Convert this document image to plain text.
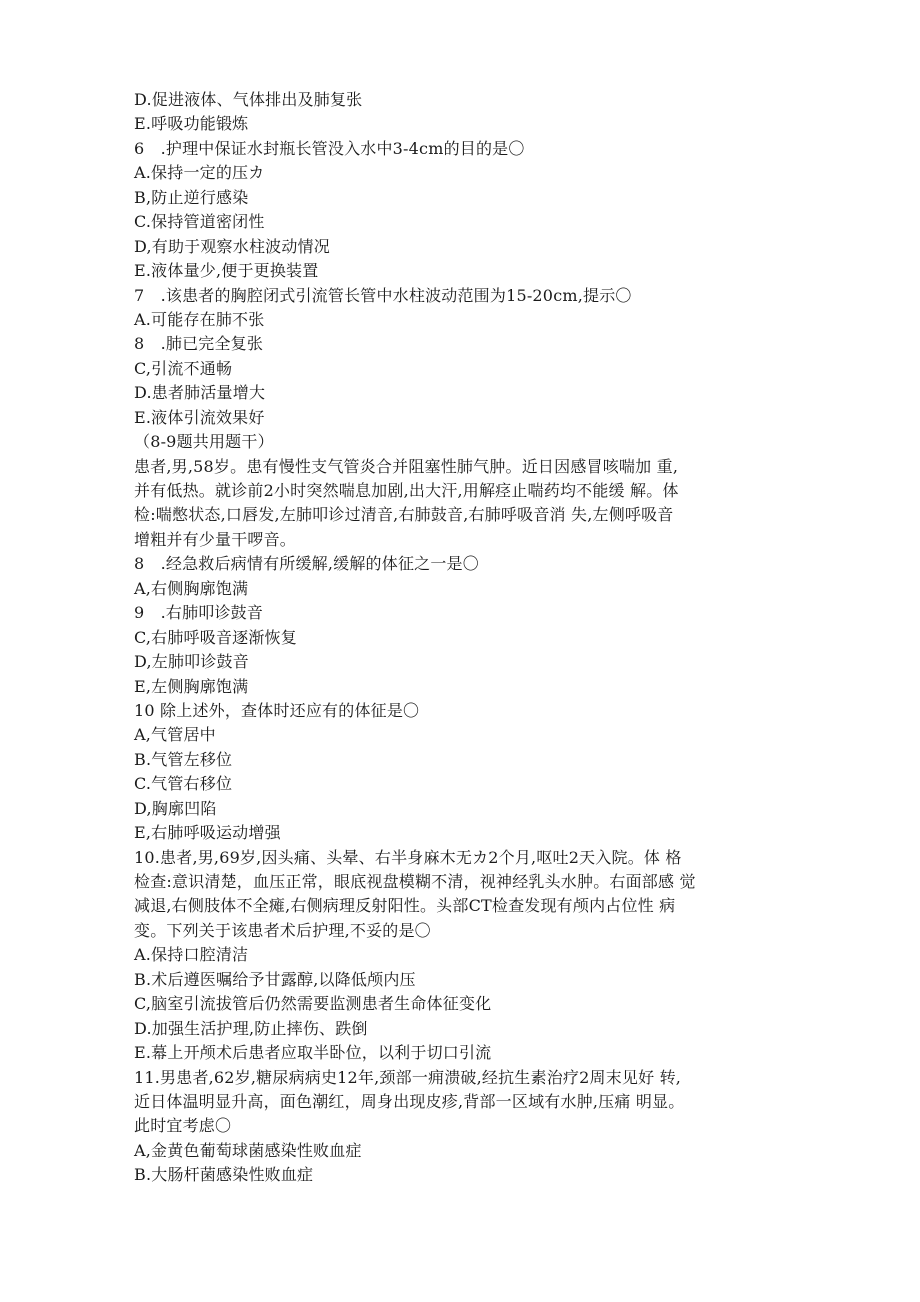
D.促进液体、气体排出及肺复张
E.呼吸功能锻炼
6　.护理中保证水封瓶长管没入水中3-4cm的目的是〇
A.保持一定的压カ
B,防止逆行感染
C.保持管道密闭性
D,有助于观察水柱波动情况
E.液体量少,便于更换装置
7　.该患者的胸腔闭式引流管长管中水柱波动范围为15-20cm,提示〇
A.可能存在肺不张
8　.肺已完全复张
C,引流不通畅
D.患者肺活量增大
E.液体引流效果好
（8-9题共用题干）
患者,男,58岁。患有慢性支气管炎合并阻塞性肺气肿。近日因感冒咳喘加 重,
并有低热。就诊前2小时突然喘息加剧,出大汗,用解痉止喘药均不能缓 解。体
检:喘憋状态,口唇发,左肺叩诊过清音,右肺鼓音,右肺呼吸音消 失,左侧呼吸音
增粗并有少量干啰音。
8　.经急救后病情有所缓解,缓解的体征之一是〇
A,右侧胸廓饱满
9　.右肺叩诊鼓音
C,右肺呼吸音逐渐恢复
D,左肺叩诊鼓音
E,左侧胸廓饱满
10 除上述外，查体时还应有的体征是〇
A,气管居中
B.气管左移位
C.气管右移位
D,胸廓凹陷
E,右肺呼吸运动增强
10.患者,男,69岁,因头痛、头晕、右半身麻木无カ2个月,呕吐2天入院。体 格
检查:意识清楚，血压正常，眼底视盘模糊不清，视神经乳头水肿。右面部感 觉
减退,右侧肢体不全瘫,右侧病理反射阳性。头部CT检查发现有颅内占位性 病
变。下列关于该患者术后护理,不妥的是〇
A.保持口腔清洁
B.术后遵医嘱给予甘露醇,以降低颅内压
C,脑室引流拔管后仍然需要监测患者生命体征变化
D.加强生活护理,防止摔伤、跌倒
E.幕上开颅术后患者应取半卧位，以利于切口引流
11.男患者,62岁,糖尿病病史12年,颈部一痈溃破,经抗生素治疗2周末见好 转,
近日体温明显升高，面色潮红，周身出现皮疹,背部一区域有水肿,压痛 明显。
此时宜考虑〇
A,金黄色葡萄球菌感染性败血症
B.大肠杆菌感染性败血症
